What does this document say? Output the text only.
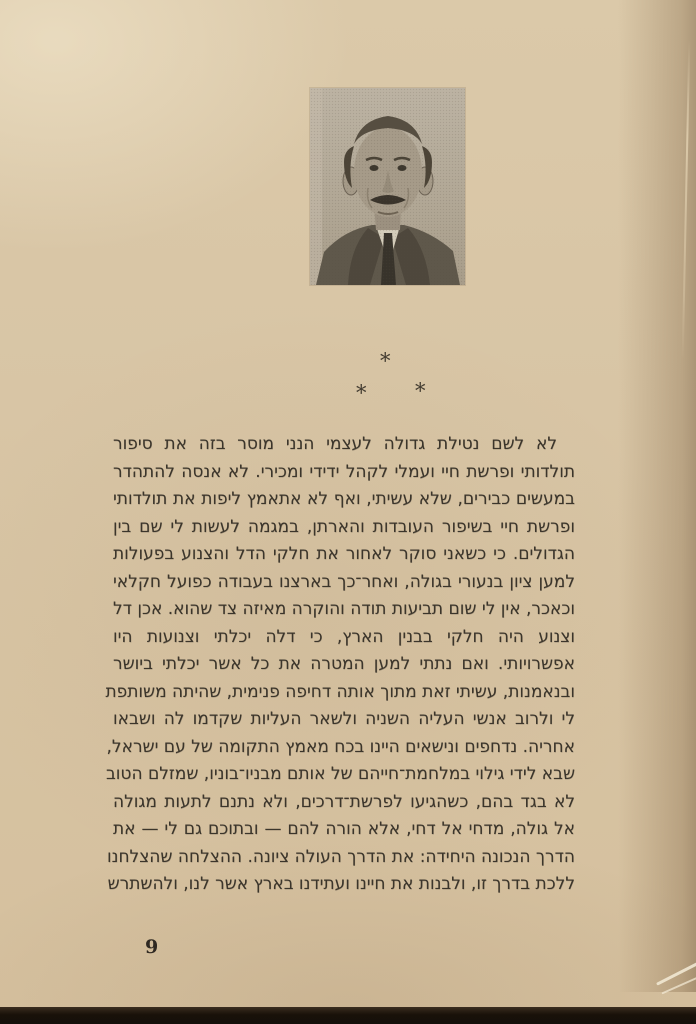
*
* *
לא לשם נטילת גדולה לעצמי הנני מוסר בזה את סיפור
תולדותי ופרשת חיי ועמלי לקהל ידידי ומכירי. לא אנסה להתהדר
במעשים כבירים, שלא עשיתי, ואף לא אתאמץ ליפות את תולדותי
ופרשת חיי בשיפור העובדות והארתן, במגמה לעשות לי שם בין
הגדולים. כי כשאני סוקר לאחור את חלקי הדל והצנוע בפעולות
למען ציון בנעורי בגולה, ואחר־כך בארצנו בעבודה כפועל חקלאי
וכאכר, אין לי שום תביעות תודה והוקרה מאיזה צד שהוא. אכן דל
וצנוע היה חלקי בבנין הארץ, כי דלה יכלתי וצנועות היו
אפשרויותי. ואם נתתי למען המטרה את כל אשר יכלתי ביושר
ובנאמנות, עשיתי זאת מתוך אותה דחיפה פנימית, שהיתה משותפת
לי ולרוב אנשי העליה השניה ולשאר העליות שקדמו לה ושבאו
אחריה. נדחפים ונישאים היינו בכח מאמץ התקומה של עם ישראל,
שבא לידי גילוי במלחמת־חייהם של אותם מבניו־בוניו, שמזלם הטוב
לא בגד בהם, כשהגיעו לפרשת־דרכים, ולא נתנם לתעות מגולה
אל גולה, מדחי אל דחי, אלא הורה להם — ובתוכם גם לי — את
הדרך הנכונה היחידה: את הדרך העולה ציונה. ההצלחה שהצלחנו
ללכת בדרך זו, ולבנות את חיינו ועתידנו בארץ אשר לנו, ולהשתרש
9
